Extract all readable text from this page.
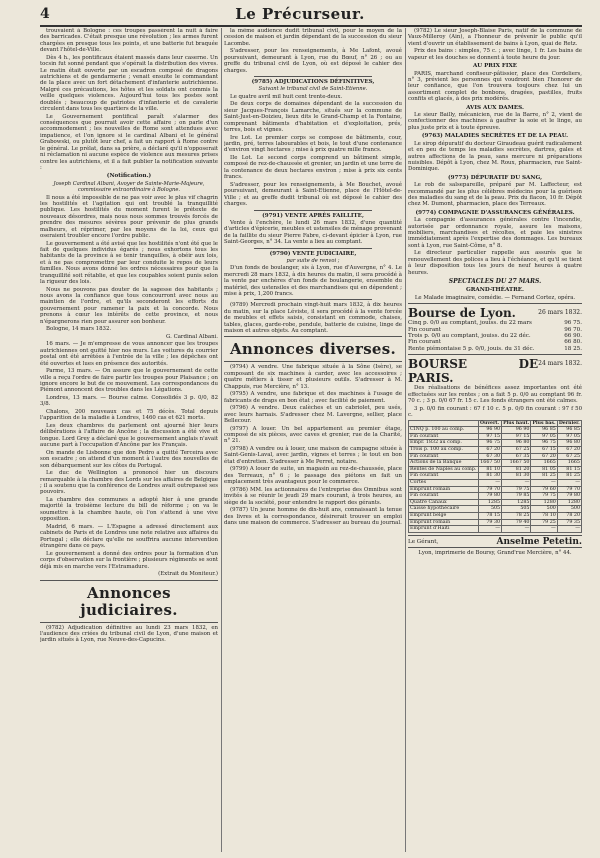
4	Le Précurseur.

trouvaient à Bologne : ces troupes passèrent la nuit à faire des barricades. C'était presque une révolution ; les armes furent chargées en presque tous les points, et une batterie fut braquée devant l'hôtel-de-Ville.

Dès 4 h., les pontificaux étaient massés dans leur caserne. Un tocsin fut sonné pendant que s'opérait la distribution des vivres. Le matin était ouverte par un escadron composé de dragons autrichiens et de gendarmerie ; venait ensuite le commandant de la place avec un fort détachement d'infanterie autrichienne. Malgré ces précautions, les hôtes et les soldats ont commis la veille quelques violences. Aujourd'hui tous les postes sont doublés ; beaucoup de patriotes d'infanterie et de cavalerie circulent dans tous les quartiers de la ville.

Le Gouvernement pontifical paraît s'alarmer des conséquences que pourrait avoir cette affaire ; on parle d'un accommodement ; les nouvelles de Rome sont attendues avec impatience, et l'on ignore si le cardinal Albani et le général Grabowski, ou plutôt leur chef, a fait un rapport à Rome contre le général. Le prélat, dans sa prière, a déclaré qu'il n'opposerait ni réclamation ni aucune espèce de violence aux mesures prises contre les autrichiens, et il a fait publier la notification suivante :

(Notification.)
Joseph Cardinal Albani, Avoyer de Sainte-Marie-Majeure, commissaire extraordinaire à Bologne.

Il nous a été impossible de ne pas voir avec le plus vif chagrin les hostilités et l'agitation qui ont troublé la tranquillité publique. Les hostilités du moment furent le prétexte de nouveaux désordres, mais nous nous sommes trouvés forcés de prendre des mesures sévères pour prévenir de plus grands malheurs, et réprimer, par les moyens de la loi, ceux qui oseraient troubler encore l'ordre public.

Le gouvernement a été avisé que les hostilités n'ont été que le fait de quelques individus égarés ; nous exhortons tous les habitants de la province à se tenir tranquilles, à obéir aux lois, et à ne pas compromettre par leur conduite le repos de leurs familles. Nous avons donné les ordres nécessaires pour que la tranquillité soit rétablie, et que les coupables soient punis selon la rigueur des lois.

Nous ne pouvons pas douter de la sagesse des habitants ; nous avons la confiance que tous concourront avec nous au maintien de l'ordre, et qu'ils seconderont les efforts du gouvernement pour ramener la paix et la concorde. Nous prenons à cœur les intérêts de cette province, et nous n'épargnerons rien pour assurer son bonheur.

Bologne, 14 mars 1832.

G. Cardinal Albani.

16 mars. — Je m'empresse de vous annoncer que les troupes autrichiennes ont quitté hier nos murs. Les voitures du courrier postal ont été arrêtées à l'entrée de la ville ; les dépêches ont été ouvertes et lues en présence des autorités.

Parme, 13 mars. — On assure que le gouvernement de cette ville a reçu l'ordre de faire partir les troupes pour Plaisance ; on ignore encore le but de ce mouvement. Les correspondances du Piémont annoncent des troubles dans les Légations.

Londres, 13 mars. — Bourse calme. Consolidés 3 p. 0/0, 82 3/8.

Chalons, 200 nouveaux cas et 75 décès. Total depuis l'apparition de la maladie à Londres, 1460 cas et 621 morts.

Les deux chambres du parlement ont ajourné hier leurs délibérations à l'affaire de Ancône ; la discussion a été vive et longue. Lord Grey a déclaré que le gouvernement anglais n'avait aucune part à l'occupation d'Ancône par les Français.

On mande de Lisbonne que don Pedro a quitté Terceira avec son escadre ; on attend d'un moment à l'autre des nouvelles de son débarquement sur les côtes du Portugal.

Le duc de Wellington a prononcé hier un discours remarquable à la chambre des Lords sur les affaires de Belgique ; il a soutenu que la conférence de Londres avait outrepassé ses pouvoirs.

La chambre des communes a adopté hier à une grande majorité la troisième lecture du bill de réforme ; on va le soumettre à la chambre haute, où l'on s'attend à une vive opposition.

Madrid, 6 mars. — L'Espagne a adressé directement aux cabinets de Paris et de Londres une note relative aux affaires du Portugal ; elle déclare qu'elle ne souffrira aucune intervention étrangère dans ce pays.

Le gouvernement a donné des ordres pour la formation d'un corps d'observation sur la frontière ; plusieurs régiments se sont déjà mis en marche vers l'Estramadure.

(Extrait du Moniteur.)

Annonces judiciaires.

(9782) Adjudication définitive au lundi 23 mars 1832, en l'audience des criées du tribunal civil de Lyon, d'une maison et jardin situés à Lyon, rue Neuve-des-Capucins.

la même audience dudit tribunal civil, pour le moyen de la cession de maison et jardin dépendant de la succession du sieur Lacombe.

S'adresser, pour les renseignements, à Me Lafont, avoué poursuivant, demeurant à Lyon, rue du Bœuf, n° 26 ; ou au greffe du tribunal civil de Lyon, où est déposé le cahier des charges.

(9785) ADJUDICATIONS DÉFINITIVES,
Suivant le tribunal civil de Saint-Etienne.

Le quatre avril mil huit cent trente-deux.

De deux corps de domaines dépendant de la succession du sieur Jacques-François Lamarche, situés sur la commune de Saint-Just-en-Doizieu, lieux dits le Grand-Champ et la Fontaine, comprenant bâtiments d'habitation et d'exploitation, prés, terres, bois et vignes.

Ire Lot. Le premier corps se compose de bâtiments, cour, jardin, pré, terres labourables et bois, le tout d'une contenance d'environ vingt hectares ; mise à prix quatre mille francs.

IIe Lot. Le second corps comprend un bâtiment simple, composé de rez-de-chaussée et grenier, un jardin et une terre de la contenance de deux hectares environ ; mise à prix six cents francs.

S'adresser, pour les renseignements, à Me Bouchet, avoué poursuivant, demeurant à Saint-Etienne, place de l'Hôtel-de-Ville ; et au greffe dudit tribunal où est déposé le cahier des charges.

(9791) VENTE APRÈS FAILLITE,

Vente à l'enchère, le lundi 26 mars 1832, d'une quantité d'articles d'épicerie, meubles et ustensiles de ménage provenant de la faillite du sieur Pierre Fabre, ci-devant épicier à Lyon, rue Saint-Georges, n° 34. La vente a lieu au comptant.

(9790) VENTE JUDICIAIRE,
par suite de renvoi ;

D'un fonds de boulanger, sis à Lyon, rue d'Auvergne, n° 4. Le mercredi 28 mars 1832, à dix heures du matin, il sera procédé à la vente par enchères d'un fonds de boulangerie, ensemble du matériel, des ustensiles et des marchandises qui en dépendent ; mise à prix, 1,200 francs.

(9789) Mercredi prochain vingt-huit mars 1832, à dix heures du matin, sur la place Léviste, il sera procédé à la vente forcée de meubles et effets saisis, consistant en commode, chaises, tables, glaces, garde-robe, pendule, batterie de cuisine, linge de maison et autres objets. Au comptant.

Annonces diverses.

(9794) A vendre. Une fabrique située à la Sône (Isère), se composant de six machines à carder, avec les accessoires ; quatre métiers à tisser et plusieurs outils. S'adresser à M. Chappuis, rue Mercière, n° 13.

(9795) A vendre, une fabrique et des machines à l'usage de fabricants de draps en bon état ; avec facilité de paiement.

(9796) A vendre. Deux calèches et un cabriolet, peu usés, avec leurs harnais. S'adresser chez M. Lavergne, sellier, place Bellecour.

(9797) A louer. Un bel appartement au premier étage, composé de six pièces, avec caves et grenier, rue de la Charité, n° 21.

(9798) A vendre ou à louer, une maison de campagne située à Saint-Genis-Laval, avec jardin, vignes et terres ; le tout en bon état d'entretien. S'adresser à Me Perret, notaire.

(9799) A louer de suite, un magasin au rez-de-chaussée, place des Terreaux, n° 6 ; le passage des piétons en fait un emplacement très avantageux pour le commerce.

(9786) MM. les actionnaires de l'entreprise des Omnibus sont invités à se réunir le jeudi 29 mars courant, à trois heures, au siège de la société, pour entendre le rapport des gérants.

(9787) Un jeune homme de dix-huit ans, connaissant la tenue des livres et la correspondance, désirerait trouver un emploi dans une maison de commerce. S'adresser au bureau du journal.

(9782) Le sieur Joseph-Blaise Paris, natif de la commune de Vaux-Milleroy (Ain), a l'honneur de prévenir le public qu'il vient d'ouvrir un établissement de bains à Lyon, quai de Retz.

Prix des bains : simples, 75 c. ; avec linge, 1 fr. Les bains de vapeur et les douches se donnent à toute heure du jour.

AU PRIX FIXE

PARIS, marchand confiseur-pâtissier, place des Cordeliers, n° 3, prévient les personnes qui voudront bien l'honorer de leur confiance, que l'on trouvera toujours chez lui un assortiment complet de bonbons, dragées, pastilles, fruits confits et glacés, à des prix modérés.

AVIS AUX DAMES.

Le sieur Bailly, mécanicien, rue de la Barre, n° 2, vient de confectionner des machines à gaufrer la soie et le linge, au plus juste prix et à toute épreuve.

(9763) MALADIES SECRÈTES ET DE LA PEAU.

Le sirop dépuratif du docteur Giraudeau guérit radicalement et en peu de temps les maladies secrètes, dartres, gales et autres affections de la peau, sans mercure ni préparations nuisibles. Dépôt à Lyon, chez M. Roux, pharmacien, rue Saint-Dominique.

(9773) DÉPURATIF DU SANG,

Le rob de salsepareille, préparé par M. Laffecteur, est recommandé par les plus célèbres médecins pour la guérison des maladies du sang et de la peau. Prix du flacon, 10 fr. Dépôt chez M. Dumont, pharmacien, place des Terreaux.

(9774) COMPAGNIE D'ASSURANCES GÉNÉRALES.

La compagnie d'assurances générales contre l'incendie, autorisée par ordonnance royale, assure les maisons, mobiliers, marchandises et récoltes, et paie les sinistres immédiatement après l'expertise des dommages. Les bureaux sont à Lyon, rue Saint-Côme, n° 8.

Le directeur particulier rappelle aux assurés que le renouvellement des polices a lieu à l'échéance, et qu'il se tient à leur disposition tous les jours de neuf heures à quatre heures.

SPECTACLES DU 27 MARS.
GRAND-THÉATRE.

Le Malade imaginaire, comédie. — Fernand Cortez, opéra.

26 mars 1832.
Bourse de Lyon.
Cinq p. 0/0 au comptant, jouiss. du 22 mars	96 75.
Fin courant	96 70.
Trois p. 0/0 au comptant, jouiss. du 22 déc.	66 90.
Fin courant	66 80.
Rente piémontaise 5 p. 0/0, jouis. du 31 déc.	18 25.
24 mars 1832.
BOURSE DE PARIS.

Des réalisations de bénéfices assez importantes ont été effectuées sur les rentes ; on a fait 5 p. 0/0 au comptant 96 fr. 70 c. ; 3 p. 0/0 67 fr. 15 c. Les fonds étrangers ont été calmes.

3 p. 0/0 fin courant : 67 f 10 c. 5 p. 0/0 fin courant : 97 f 50 c.

	Ouvert.	Plus haut.	Plus bas.	Dernier.
CINQ p. 100 au comp.	96 90	96 90	96 85	96 85
Fin courant	97 15	97 15	97 05	97 05
Empr. 1832 au comp.	96 75	96 80	96 75	96 80
Trois p. 100 au comp.	67 20	67 25	67 15	67 20
Fin courant	67 30	67 35	67 20	67 25
Actions de la Banque	1667 50	1667 50	1665	1665
Rentes de Naples au comp.	81 10	81 20	81 05	81 15
Fin courant	81 30	81 30	81 25	81 25
Cortès	—	—	—	—
Emprunt romain	79 70	79 75	79 60	79 70
Fin courant	79 80	79 85	79 75	79 80
Quatre Canaux	1285	1285	1280	1280
Caisse hypothécaire	505	505	500	500
Emprunt belge	78 15	78 25	78 10	78 20
Emprunt romain	79 30	79 40	79 25	79 35
Emprunt d'Haïti	—	—	—	—
Le Gérant,	Anselme Petetin.
Lyon, imprimerie de Boursy, Grand'rue Mercière, n° 44.
